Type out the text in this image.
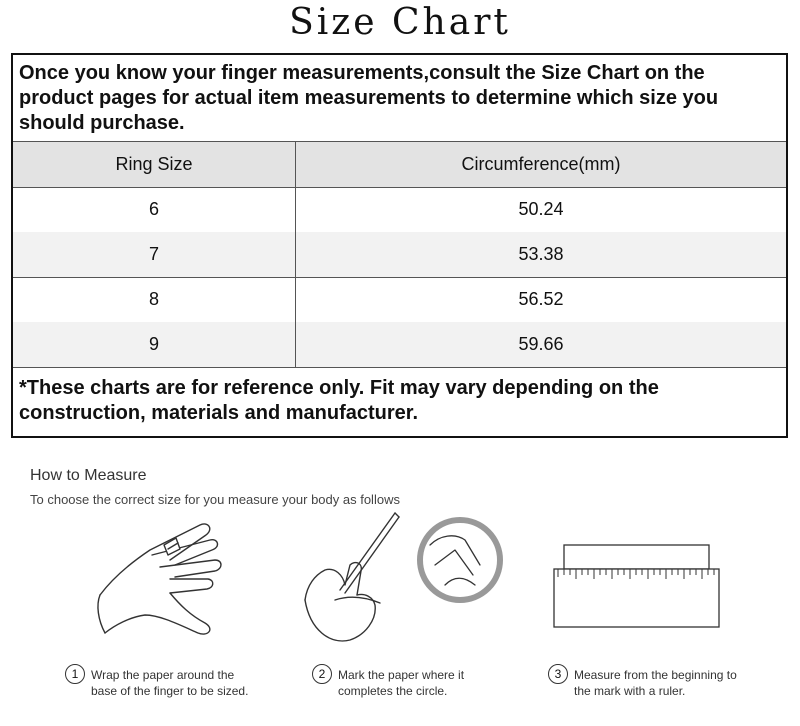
Size Chart
Once you know your finger measurements,consult the Size Chart on the product pages for actual item measurements to determine which size you should purchase.
Ring Size	Circumference(mm)
6	50.24
7	53.38
8	56.52
9	59.66
*These charts are for reference only. Fit may vary depending on the construction, materials and manufacturer.
How to Measure
To choose the correct size for you measure your body as follows
1	Wrap the paper around the
base of the finger to be sized.
2	Mark the paper where it
completes the circle.
3	Measure from the beginning to
the mark with a ruler.
